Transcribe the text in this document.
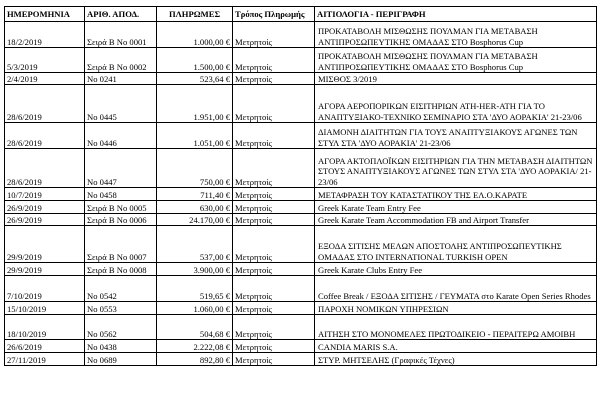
ΗΜΕΡΟΜΗΝΙΑ	ΑΡΙΘ. ΑΠΟΔ.	ΠΛΗΡΩΜΕΣ	Τρόπος Πληρωμής	ΑΙΤΙΟΛΟΓΙΑ - ΠΕΡΙΓΡΑΦΗ
18/2/2019	Σειρά Β Νο 0001	1.000,00 €	Μετρητοίς	ΠΡΟΚΑΤΑΒΟΛΗ ΜΙΣΘΩΣΗΣ ΠΟΥΛΜΑΝ ΓΙΑ ΜΕΤΑΒΑΣΗ ΑΝΤΙΠΡΟΣΩΠΕΥΤΙΚΗΣ ΟΜΑΔΑΣ ΣΤΟ Bosphorus Cup
5/3/2019	Σειρά Β Νο 0002	1.500,00 €	Μετρητοίς	ΠΡΟΚΑΤΑΒΟΛΗ ΜΙΣΘΩΣΗΣ ΠΟΥΛΜΑΝ ΓΙΑ ΜΕΤΑΒΑΣΗ ΑΝΤΙΠΡΟΣΩΠΕΥΤΙΚΗΣ ΟΜΑΔΑΣ ΣΤΟ Bosphorus Cup
2/4/2019	Νο 0241	523,64 €	Μετρητοίς	ΜΙΣΘΟΣ 3/2019
28/6/2019	Νο 0445	1.951,00 €	Μετρητοίς	ΑΓΟΡΑ ΑΕΡΟΠΟΡΙΚΩΝ ΕΙΣΙΤΗΡΙΩΝ ΑΤΗ-HER-ΑΤΗ ΓΙΑ ΤΟ ΑΝΑΠΤΥΞΙΑΚΟ-ΤΕΧΝΙΚΟ ΣΕΜΙΝΑΡΙΟ ΣΤΑ 'ΔΥΟ ΑΟΡΑΚΙΑ' 21-23/06
28/6/2019	Νο 0446	1.051,00 €	Μετρητοίς	ΔΙΑΜΟΝΗ ΔΙΑΙΤΗΤΩΝ ΓΙΑ ΤΟΥΣ ΑΝΑΠΤΥΞΙΑΚΟΥΣ ΑΓΩΝΕΣ ΤΩΝ ΣΤΥΛ ΣΤΑ 'ΔΥΟ ΑΟΡΑΚΙΑ' 21-23/06
28/6/2019	Νο 0447	750,00 €	Μετρητοίς	ΑΓΟΡΑ ΑΚΤΟΠΛΟΪΚΩΝ ΕΙΣΙΤΗΡΙΩΝ ΓΙΑ ΤΗΝ ΜΕΤΑΒΑΣΗ ΔΙΑΙΤΗΤΩΝ ΣΤΟΥΣ ΑΝΑΠΤΥΞΙΑΚΟΥΣ ΑΓΩΝΕΣ ΤΩΝ ΣΤΥΛ ΣΤΑ 'ΔΥΟ ΑΟΡΑΚΙΑ/ 21-23/06
10/7/2019	Νο 0458	711,40 €	Μετρητοίς	ΜΕΤΑΦΡΑΣΗ ΤΟΥ ΚΑΤΑΣΤΑΤΙΚΟΥ ΤΗΣ ΕΛ.Ο.ΚΑΡΑΤΕ
26/9/2019	Σειρά Β Νο 0005	630,00 €	Μετρητοίς	Greek Karate Team Entry Fee
26/9/2019	Σειρά Β Νο 0006	24.170,00 €	Μετρητοίς	Greek Karate Team Accommodation FB and Airport Transfer
29/9/2019	Σειρά Β Νο 0007	537,00 €	Μετρητοίς	ΕΞΟΔΑ ΣΙΤΙΣΗΣ ΜΕΛΩΝ ΑΠΟΣΤΟΛΗΣ ΑΝΤΙΠΡΟΣΩΠΕΥΤΙΚΗΣ ΟΜΑΔΑΣ ΣΤΟ INTERNATIONAL TURKISH OPEN
29/9/2019	Σειρά Β Νο 0008	3.900,00 €	Μετρητοίς	Greek Karate Clubs Entry Fee
7/10/2019	Νο 0542	519,65 €	Μετρητοίς	Coffee Break / ΕΞΟΔΑ ΣΙΤΙΣΗΣ / ΓΕΥΜΑΤΑ στο Karate Open Series Rhodes
15/10/2019	Νο 0553	1.060,00 €	Μετρητοίς	ΠΑΡΟΧΗ ΝΟΜΙΚΩΝ ΥΠΗΡΕΣΙΩΝ
18/10/2019	Νο 0562	504,68 €	Μετρητοίς	ΑΙΤΗΣΗ ΣΤΟ ΜΟΝΟΜΕΛΕΣ ΠΡΩΤΟΔΙΚΕΙΟ - ΠΕΡΑΙΤΕΡΩ ΑΜΟΙΒΗ
26/6/2019	Νο 0438	2.222,08 €	Μετρητοίς	CANDIA MARIS S.A.
27/11/2019	Νο 0689	892,80 €	Μετρητοίς	ΣΤΥΡ. ΜΗΤΣΕΛΗΣ (Γραφικές Τέχνες)
